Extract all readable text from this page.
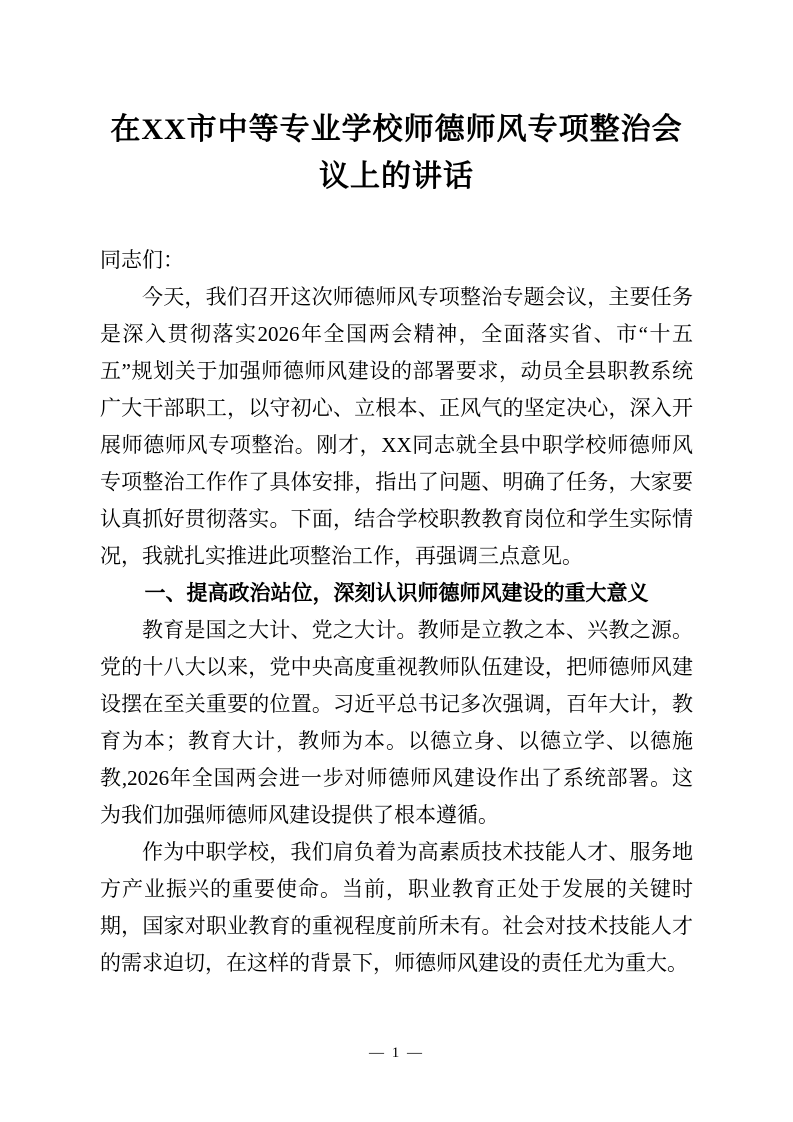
在XX市中等专业学校师德师风专项整治会议上的讲话

同志们：

今天，我们召开这次师德师风专项整治专题会议，主要任务是深入贯彻落实2026年全国两会精神，全面落实省、市“十五五”规划关于加强师德师风建设的部署要求，动员全县职教系统广大干部职工，以守初心、立根本、正风气的坚定决心，深入开展师德师风专项整治。刚才，XX同志就全县中职学校师德师风专项整治工作作了具体安排，指出了问题、明确了任务，大家要认真抓好贯彻落实。下面，结合学校职教教育岗位和学生实际情况，我就扎实推进此项整治工作，再强调三点意见。

一、提高政治站位，深刻认识师德师风建设的重大意义

教育是国之大计、党之大计。教师是立教之本、兴教之源。党的十八大以来，党中央高度重视教师队伍建设，把师德师风建设摆在至关重要的位置。习近平总书记多次强调，百年大计，教育为本；教育大计，教师为本。以德立身、以德立学、以德施教,2026年全国两会进一步对师德师风建设作出了系统部署。这为我们加强师德师风建设提供了根本遵循。

作为中职学校，我们肩负着为高素质技术技能人才、服务地方产业振兴的重要使命。当前，职业教育正处于发展的关键时期，国家对职业教育的重视程度前所未有。社会对技术技能人才的需求迫切，在这样的背景下，师德师风建设的责任尤为重大。

— 1 —
